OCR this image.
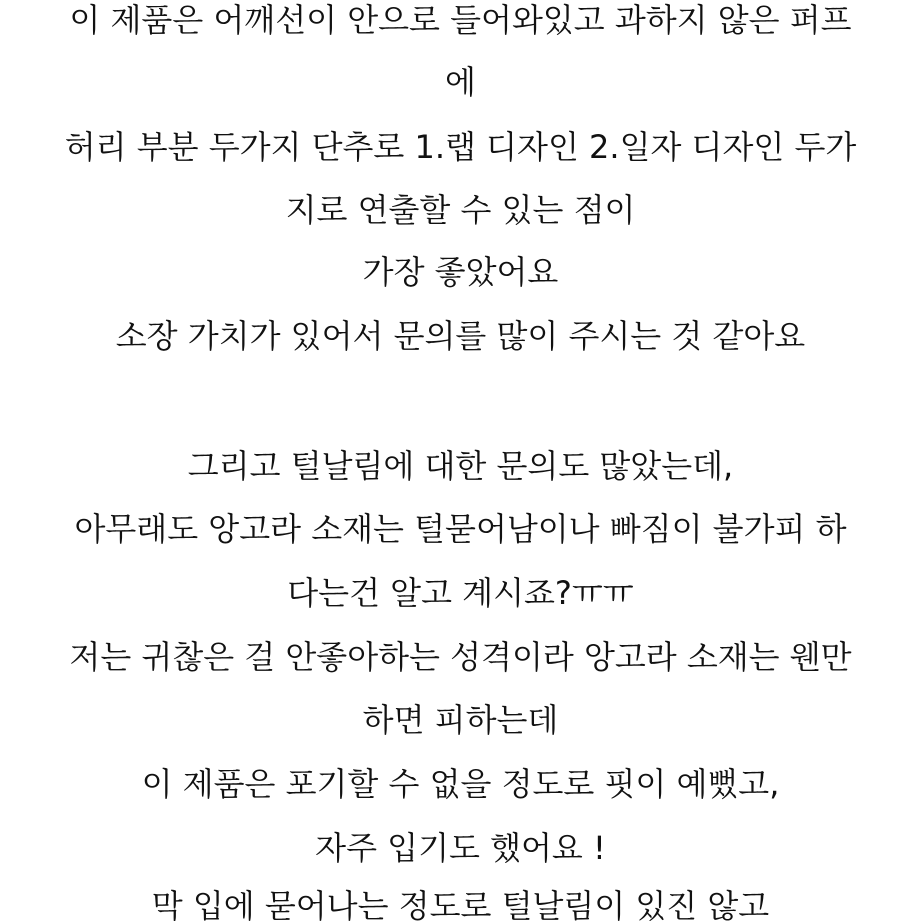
이 제품은 어깨선이 안으로 들어와있고 과하지 않은 퍼프
에
허리 부분 두가지 단추로 1.랩 디자인 2.일자 디자인 두가
지로 연출할 수 있는 점이
가장 좋았어요
소장 가치가 있어서 문의를 많이 주시는 것 같아요
그리고 털날림에 대한 문의도 많았는데,
아무래도 앙고라 소재는 털묻어남이나 빠짐이 불가피 하
다는건 알고 계시죠?ㅠㅠ
저는 귀찮은 걸 안좋아하는 성격이라 앙고라 소재는 웬만
하면 피하는데
이 제품은 포기할 수 없을 정도로 핏이 예뻤고,
자주 입기도 했어요 !
막 입에 묻어나는 정도로 털날림이 있진 않고
